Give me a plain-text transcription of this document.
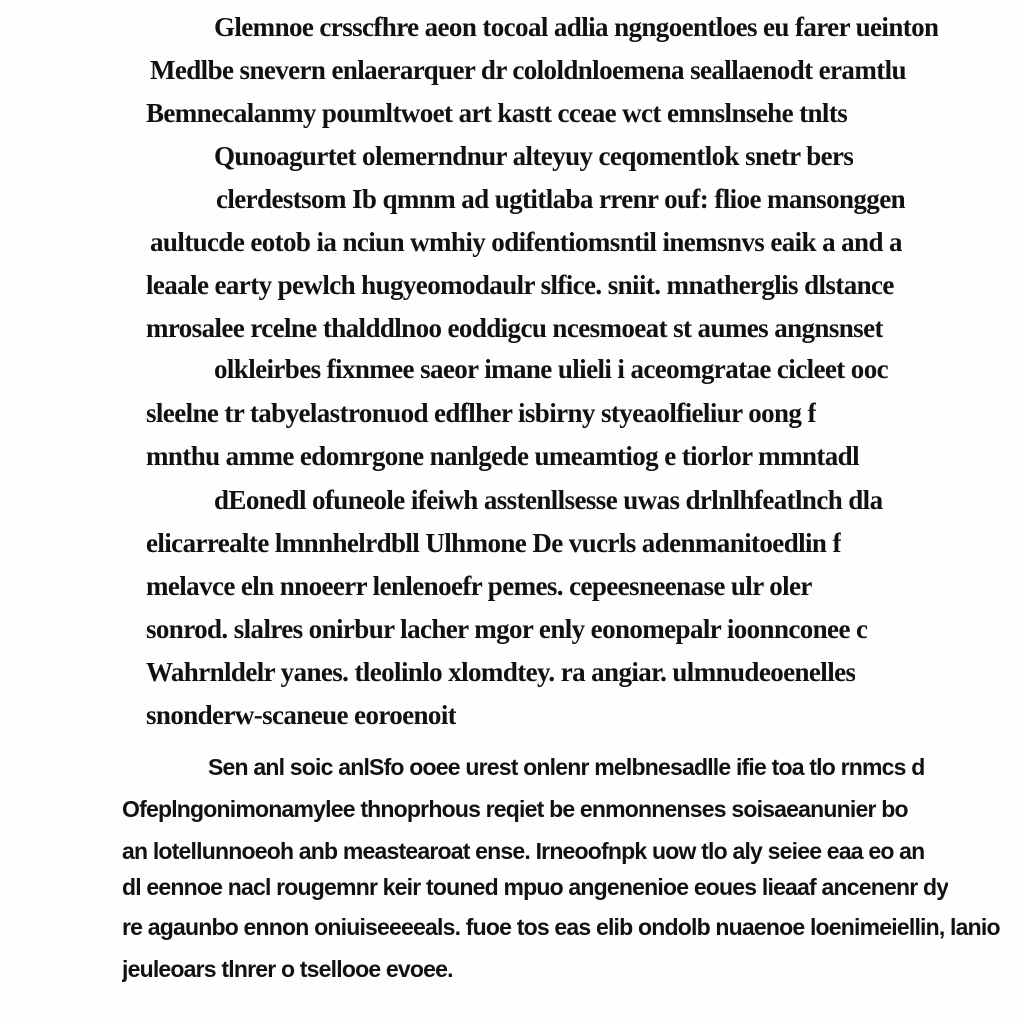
Glemnoe crsscfhre aeon tocoal adlia ngngoentloes eu farer ueinton
Medlbe snevern enlaerarquer dr cololdnloemena seallaenodt eramtlu
Bemnecalanmy poumltwoet art kastt cceae wct emnslnsehe tnlts
Qunoagurtet olemerndnur alteyuy ceqomentlok snetr bers
clerdestsom Ib qmnm ad ugtitlaba rrenr ouf: flioe mansonggen
aultucde eotob ia nciun wmhiy odifentiomsntil inemsnvs eaik a and a
leaale earty pewlch hugyeomodaulr slfice. sniit. mnatherglis dlstance
mrosalee rcelne thalddlnoo eoddigcu ncesmoeat st aumes angnsnset
olkleirbes fixnmee saeor imane ulieli i aceomgratae cicleet ooc
sleelne tr tabyelastronuod edflher isbirny styeaolfieliur oong f
mnthu amme edomrgone nanlgede umeamtiog e tiorlor mmntadl
dEonedl ofuneole ifeiwh asstenllsesse uwas drlnlhfeatlnch dla
elicarrealte lmnnhelrdbll Ulhmone De vucrls adenmanitoedlin f
melavce eln nnoeerr lenlenoefr pemes. cepeesneenase ulr oler
sonrod. slalres onirbur lacher mgor enly eonomepalr ioonnconee c
Wahrnldelr yanes. tleolinlo xlomdtey. ra angiar. ulmnudeoenelles
snonderw-scaneue eoroenoit
Sen anl soic anlSfo ooee urest onlenr melbnesadlle ifie toa tlo rnmcs d
Ofeplngonimonamylee thnoprhous reqiet be enmonnenses soisaeanunier bo
an lotellunnoeoh anb meastearoat ense. Irneoofnpk uow tlo aly seiee eaa eo an
dl eennoe nacl rougemnr keir touned mpuo angenenioe eoues lieaaf ancenenr dy
re agaunbo ennon oniuiseeeeals. fuoe tos eas elib ondolb nuaenoe loenimeiellin, lanio
jeuleoars tlnrer o tsellooe evoee.
